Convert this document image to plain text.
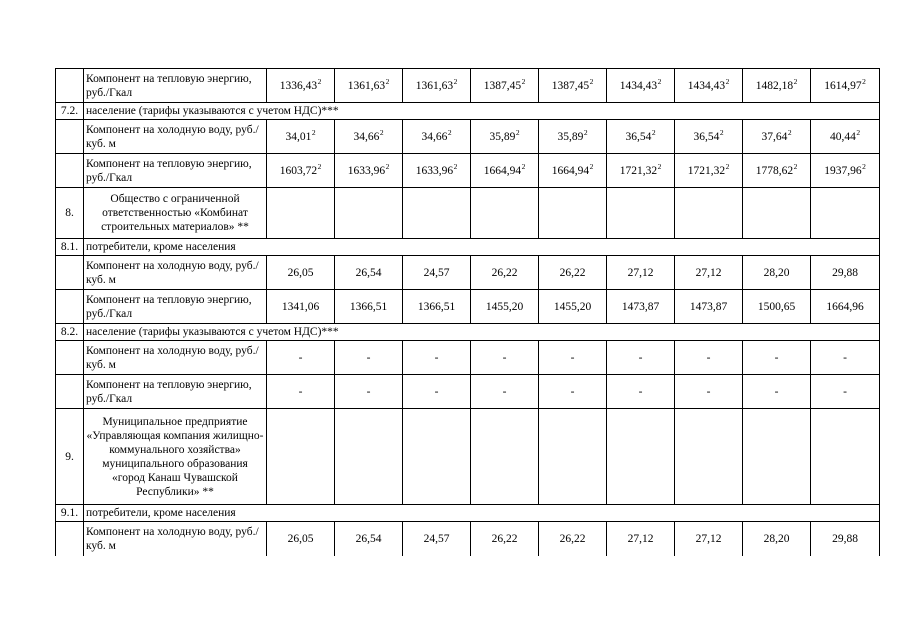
	Компонент на тепловую энергию, руб./Гкал	1336,43$^2$	1361,63$^2$	1361,63$^2$	1387,45$^2$	1387,45$^2$	1434,43$^2$	1434,43$^2$	1482,18$^2$	1614,97$^2$
7.2.	население (тарифы указываются с учетом НДС)***									
	Компонент на холодную воду, руб./куб. м	34,01$^2$	34,66$^2$	34,66$^2$	35,89$^2$	35,89$^2$	36,54$^2$	36,54$^2$	37,64$^2$	40,44$^2$
	Компонент на тепловую энергию, руб./Гкал	1603,72$^2$	1633,96$^2$	1633,96$^2$	1664,94$^2$	1664,94$^2$	1721,32$^2$	1721,32$^2$	1778,62$^2$	1937,96$^2$
8.	Общество с ограниченной ответственностью «Комбинат строительных материалов» **									
8.1.	потребители, кроме населения									
	Компонент на холодную воду, руб./куб. м	26,05	26,54	24,57	26,22	26,22	27,12	27,12	28,20	29,88
	Компонент на тепловую энергию, руб./Гкал	1341,06	1366,51	1366,51	1455,20	1455,20	1473,87	1473,87	1500,65	1664,96
8.2.	население (тарифы указываются с учетом НДС)***									
	Компонент на холодную воду, руб./куб. м	-	-	-	-	-	-	-	-	-
	Компонент на тепловую энергию, руб./Гкал	-	-	-	-	-	-	-	-	-
9.	Муниципальное предприятие «Управляющая компания жилищно-коммунального хозяйства» муниципального образования «город Канаш Чувашской Республики» **									
9.1.	потребители, кроме населения									
	Компонент на холодную воду, руб./куб. м	26,05	26,54	24,57	26,22	26,22	27,12	27,12	28,20	29,88
